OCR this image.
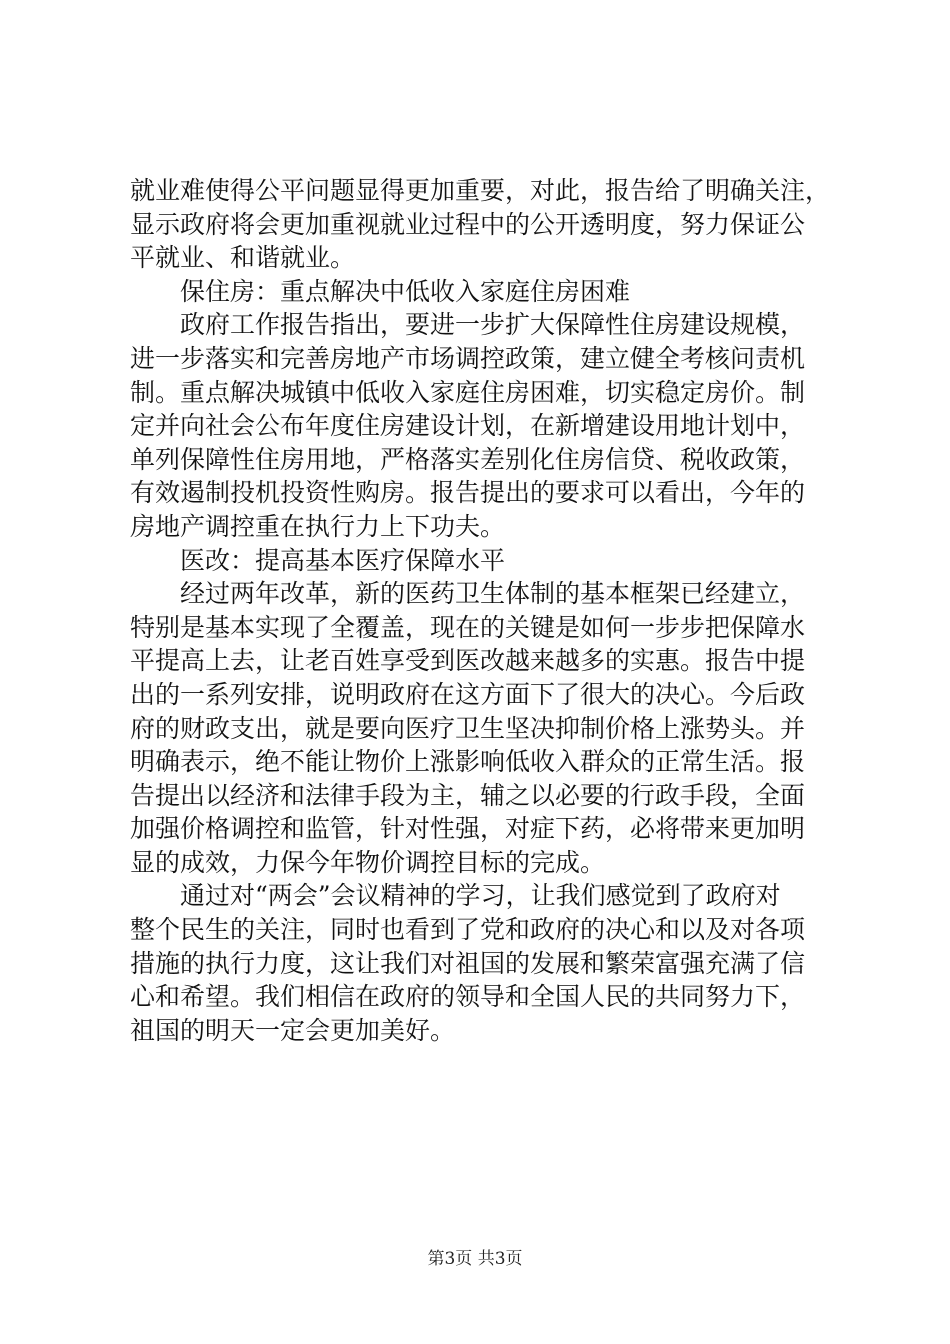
就业难使得公平问题显得更加重要，对此，报告给了明确关注，
显示政府将会更加重视就业过程中的公开透明度，努力保证公
平就业、和谐就业。
保住房：重点解决中低收入家庭住房困难
政府工作报告指出，要进一步扩大保障性住房建设规模，
进一步落实和完善房地产市场调控政策，建立健全考核问责机
制。重点解决城镇中低收入家庭住房困难，切实稳定房价。制
定并向社会公布年度住房建设计划，在新增建设用地计划中，
单列保障性住房用地，严格落实差别化住房信贷、税收政策，
有效遏制投机投资性购房。报告提出的要求可以看出，今年的
房地产调控重在执行力上下功夫。
医改：提高基本医疗保障水平
经过两年改革，新的医药卫生体制的基本框架已经建立，
特别是基本实现了全覆盖，现在的关键是如何一步步把保障水
平提高上去，让老百姓享受到医改越来越多的实惠。报告中提
出的一系列安排，说明政府在这方面下了很大的决心。今后政
府的财政支出，就是要向医疗卫生坚决抑制价格上涨势头。并
明确表示，绝不能让物价上涨影响低收入群众的正常生活。报
告提出以经济和法律手段为主，辅之以必要的行政手段，全面
加强价格调控和监管，针对性强，对症下药，必将带来更加明
显的成效，力保今年物价调控目标的完成。
通过对“两会”会议精神的学习，让我们感觉到了政府对
整个民生的关注，同时也看到了党和政府的决心和以及对各项
措施的执行力度，这让我们对祖国的发展和繁荣富强充满了信
心和希望。我们相信在政府的领导和全国人民的共同努力下，
祖国的明天一定会更加美好。
第3页 共3页
